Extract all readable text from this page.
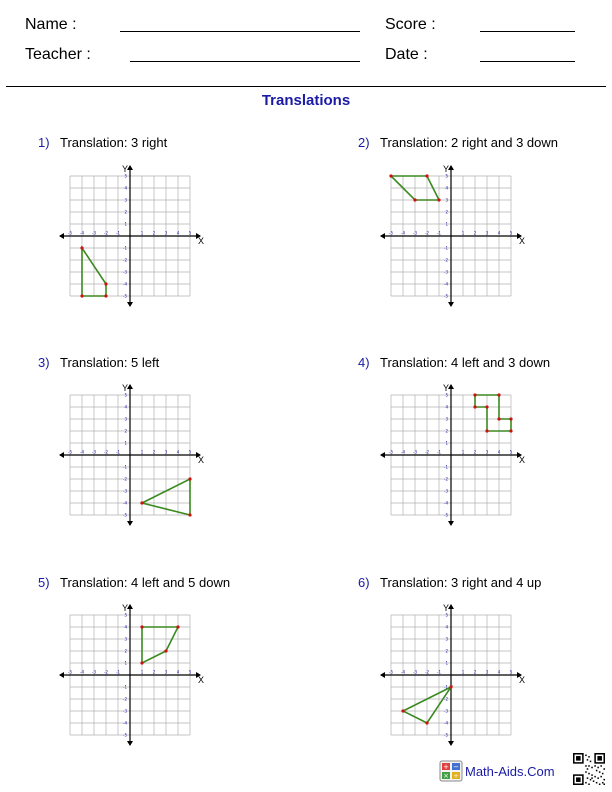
Name :
Teacher :
Score :
Date :
Translations
1) Translation: 3 right
X
Y
-5
-5
-4
-4
-3
-3
-2
-2
-1
-1
1
1
2
2
3
3
4
4
5
5
2) Translation: 2 right and 3 down
X
Y
-5
-5
-4
-4
-3
-3
-2
-2
-1
-1
1
1
2
2
3
3
4
4
5
5
3) Translation: 5 left
X
Y
-5
-5
-4
-4
-3
-3
-2
-2
-1
-1
1
1
2
2
3
3
4
4
5
5
4) Translation: 4 left and 3 down
X
Y
-5
-5
-4
-4
-3
-3
-2
-2
-1
-1
1
1
2
2
3
3
4
4
5
5
5) Translation: 4 left and 5 down
X
Y
-5
-5
-4
-4
-3
-3
-2
-2
-1
-1
1
1
2
2
3
3
4
4
5
5
6) Translation: 3 right and 4 up
X
Y
-5
-5
-4
-4
-3
-3
-2
-2
-1
-1
1
1
2
2
3
3
4
4
5
5
+ −
× ÷ Math-Aids.Com
